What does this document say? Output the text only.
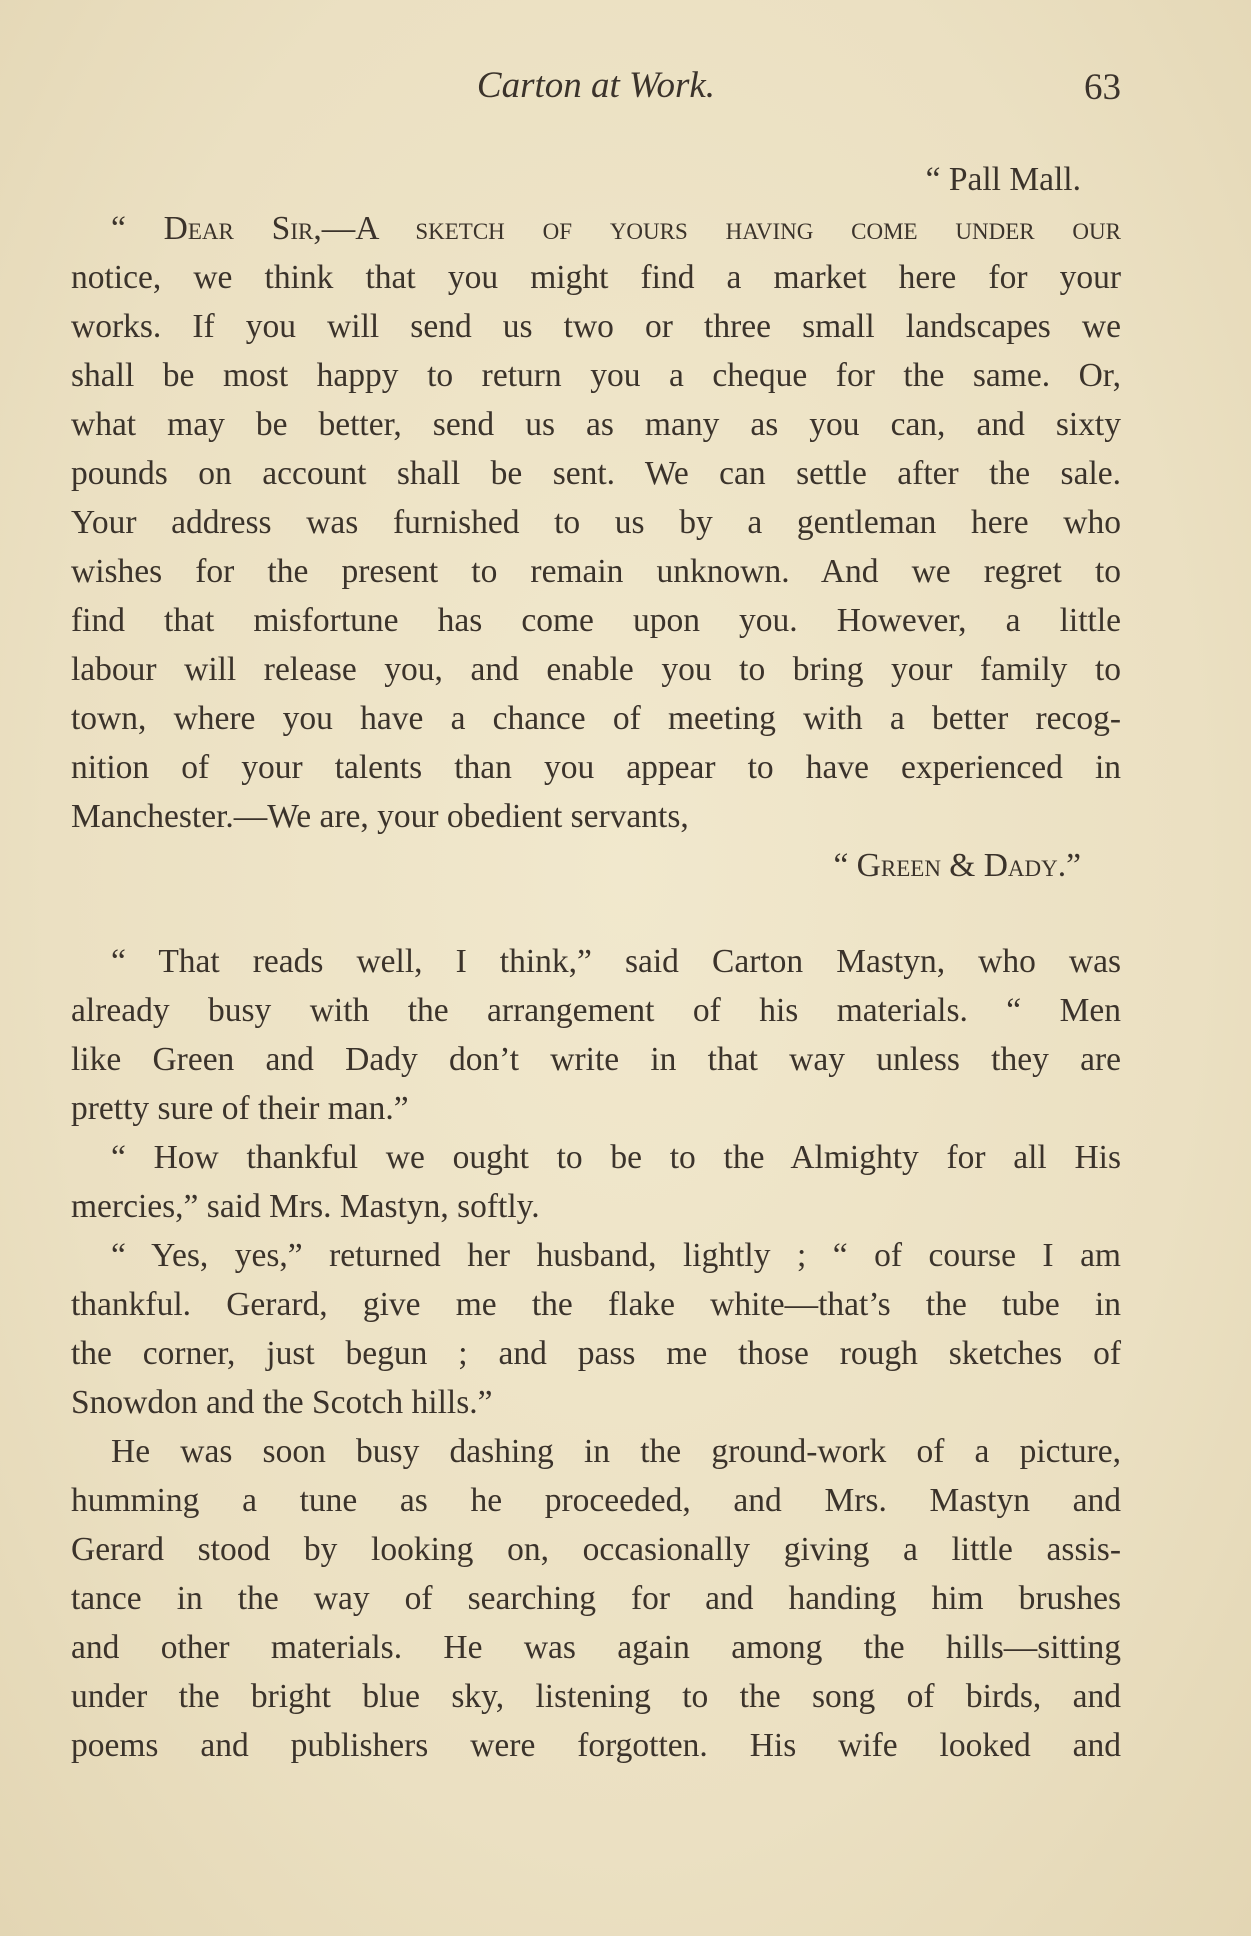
Carton at Work.	63
“ Pall Mall.
“ Dear Sir,—A sketch of yours having come under our
notice, we think that you might find a market here for your
works. If you will send us two or three small landscapes we
shall be most happy to return you a cheque for the same. Or,
what may be better, send us as many as you can, and sixty
pounds on account shall be sent. We can settle after the sale.
Your address was furnished to us by a gentleman here who
wishes for the present to remain unknown. And we regret to
find that misfortune has come upon you. However, a little
labour will release you, and enable you to bring your family to
town, where you have a chance of meeting with a better recog-
nition of your talents than you appear to have experienced in
Manchester.—We are, your obedient servants,
“ Green & Dady.”
“ That reads well, I think,” said Carton Mastyn, who was
already busy with the arrangement of his materials. “ Men
like Green and Dady don’t write in that way unless they are
pretty sure of their man.”
“ How thankful we ought to be to the Almighty for all His
mercies,” said Mrs. Mastyn, softly.
“ Yes, yes,” returned her husband, lightly ; “ of course I am
thankful. Gerard, give me the flake white—that’s the tube in
the corner, just begun ; and pass me those rough sketches of
Snowdon and the Scotch hills.”
He was soon busy dashing in the ground-work of a picture,
humming a tune as he proceeded, and Mrs. Mastyn and
Gerard stood by looking on, occasionally giving a little assis-
tance in the way of searching for and handing him brushes
and other materials. He was again among the hills—sitting
under the bright blue sky, listening to the song of birds, and
poems and publishers were forgotten. His wife looked and
